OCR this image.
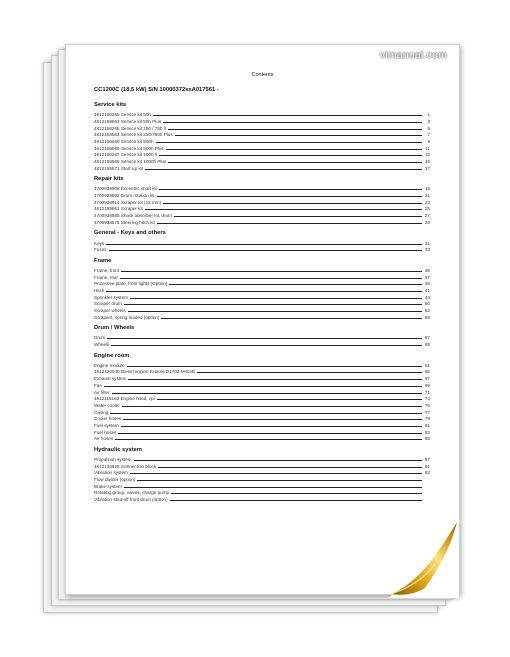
vimanual.com
Contents
CC1200C (18,5 kW) S/N 10000372xxA017561 -
Service kits
4812156265 Service kit 50h	1
4812159563 Service kit 50h Plus	3
4812156266 Service kit 250 / 750 h	5
4812159564 Service kit 250/750h Plus	7
4812156266 Service kit 500h	9
4812159565 Service kit 500h Plus	11
4812156267 Service kit 1000 h	13
4812159566 Service kit 1000h Plus	15
4812159571 Start-up kit	17
Repair kits
4700938908 Eccentric shaft kit	19
4700938892 Drum rotation kit	21
4700938914 Scraper kit (12 mm)	23
4812159661 Scraper kit	25
4700938885 Shock absorber kit, drum	27
4700938575 Steering hitch kit	29
General - Keys and others
Keys	31
Fuses	33
Frame
Frame, front	35
Frame, rear	37
Protective plate, front lights (Option)	39
Hitch	41
Sprinkler system	43
Scraper drum	50
Scraper wheels	53
Scrapers, spring loaded (option)	55
Drum / Wheels
Drum	57
Wheels	59
Engine room
Engine module	61
4812120040 Diesel engine Kubota D1703-M-E4B	65
Exhaust system	67
Fan	69
Air filter	71
4812118163 Engine hood, cpl	73
Water cooler	75
Casing	77
Cooler hoses	79
Fuel system	81
Fuel hoses	83
Air hoses	85
Hydraulic system
Propulsion system	87
4812120928 Connection block	91
Vibration system	93
Flow divider (option)
Brake system
Rotating group, valves, charge pump
Vibration shut-off front drum (option)
